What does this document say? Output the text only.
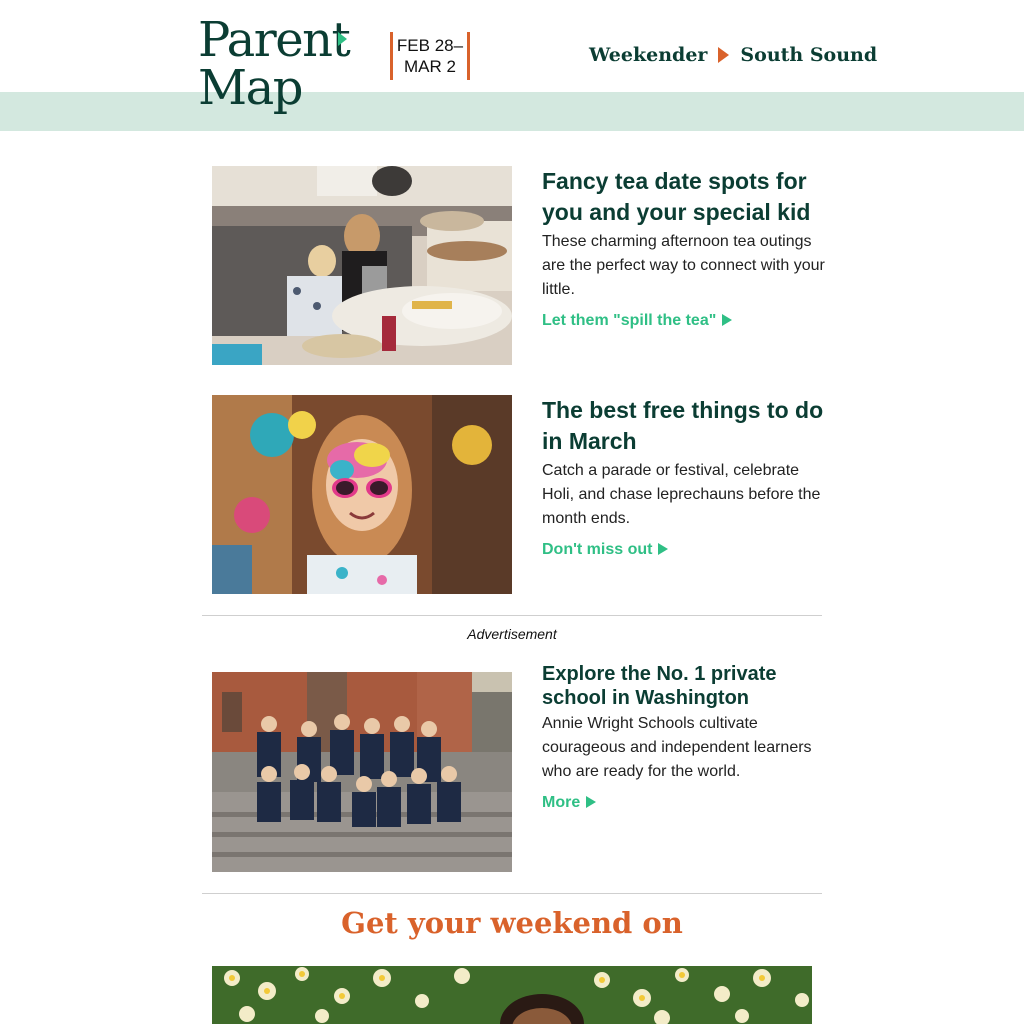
Parent
Map
FEB 28–
MAR 2
Weekender South Sound
Fancy tea date spots for you and your special kid

These charming afternoon tea outings are the perfect way to connect with your little.

Let them "spill the tea"
The best free things to do in March

Catch a parade or festival, celebrate Holi, and chase leprechauns before the month ends.

Don't miss out
Advertisement
Explore the No. 1 private school in Washington

Annie Wright Schools cultivate courageous and independent learners who are ready for the world.

More
Get your weekend on
